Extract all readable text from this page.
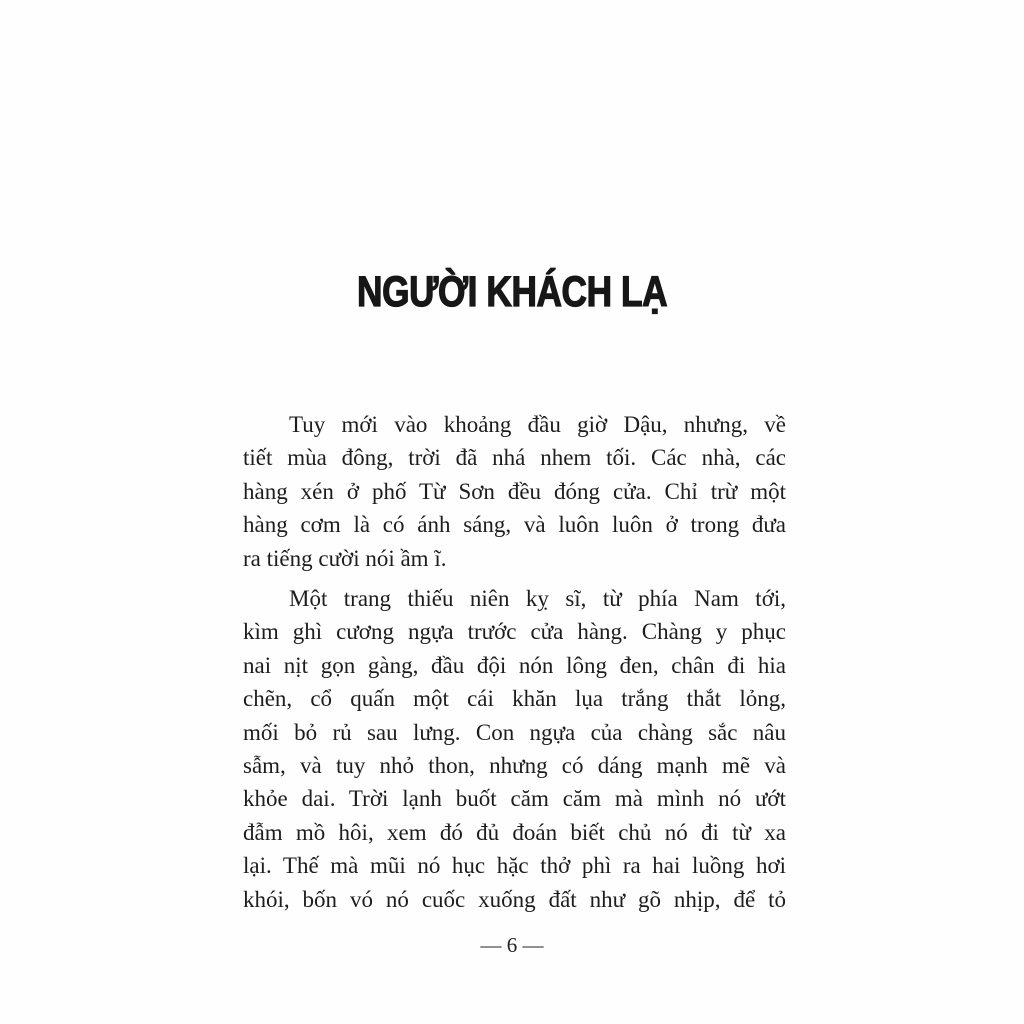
NGƯỜI KHÁCH LẠ
Tuy mới vào khoảng đầu giờ Dậu, nhưng, về
tiết mùa đông, trời đã nhá nhem tối. Các nhà, các
hàng xén ở phố Từ Sơn đều đóng cửa. Chỉ trừ một
hàng cơm là có ánh sáng, và luôn luôn ở trong đưa
ra tiếng cười nói ầm ĩ.
Một trang thiếu niên kỵ sĩ, từ phía Nam tới,
kìm ghì cương ngựa trước cửa hàng. Chàng y phục
nai nịt gọn gàng, đầu đội nón lông đen, chân đi hia
chẽn, cổ quấn một cái khăn lụa trắng thắt lỏng,
mối bỏ rủ sau lưng. Con ngựa của chàng sắc nâu
sẫm, và tuy nhỏ thon, nhưng có dáng mạnh mẽ và
khỏe dai. Trời lạnh buốt căm căm mà mình nó ướt
đẫm mồ hôi, xem đó đủ đoán biết chủ nó đi từ xa
lại. Thế mà mũi nó hục hặc thở phì ra hai luồng hơi
khói, bốn vó nó cuốc xuống đất như gõ nhịp, để tỏ
— 6 —
